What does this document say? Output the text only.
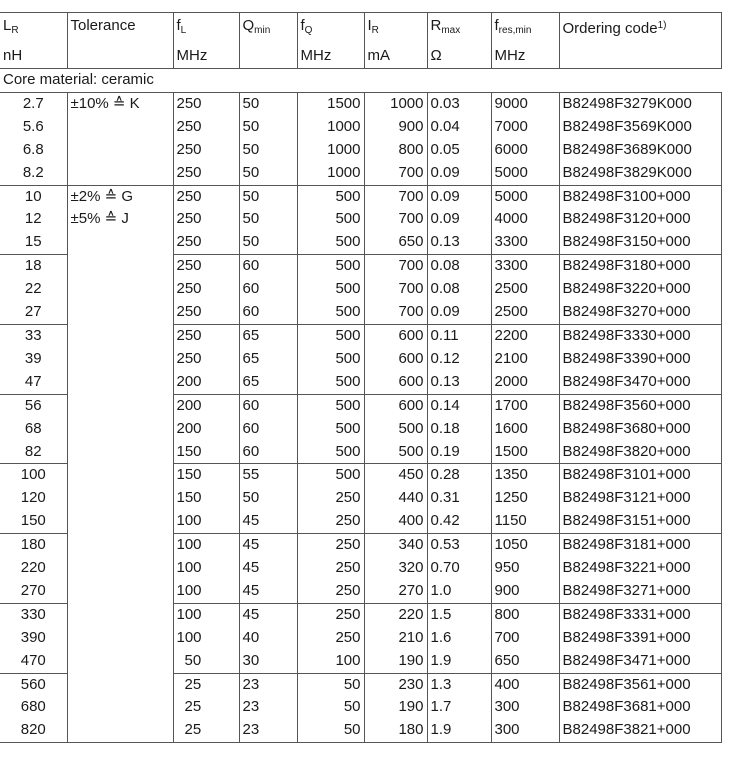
$L_R$	Tolerance	$f_L$	$Q_{min}$	$f_Q$	$I_R$	$R_{max}$	$f_{res,min}$	Ordering code$^{1)}$
nH		MHz		MHz	mA	Ω	MHz	
Core material: ceramic								
2.7	±10% ≙ K	250	50	1500	1000	0.03	9000	B82498F3279K000
5.6		250	50	1000	900	0.04	7000	B82498F3569K000
6.8		250	50	1000	800	0.05	6000	B82498F3689K000
8.2		250	50	1000	700	0.09	5000	B82498F3829K000
10	±2% ≙ G	250	50	500	700	0.09	5000	B82498F3100+000
12	±5% ≙ J	250	50	500	700	0.09	4000	B82498F3120+000
15		250	50	500	650	0.13	3300	B82498F3150+000
18		250	60	500	700	0.08	3300	B82498F3180+000
22		250	60	500	700	0.08	2500	B82498F3220+000
27		250	60	500	700	0.09	2500	B82498F3270+000
33		250	65	500	600	0.11	2200	B82498F3330+000
39		250	65	500	600	0.12	2100	B82498F3390+000
47		200	65	500	600	0.13	2000	B82498F3470+000
56		200	60	500	600	0.14	1700	B82498F3560+000
68		200	60	500	500	0.18	1600	B82498F3680+000
82		150	60	500	500	0.19	1500	B82498F3820+000
100		150	55	500	450	0.28	1350	B82498F3101+000
120		150	50	250	440	0.31	1250	B82498F3121+000
150		100	45	250	400	0.42	1150	B82498F3151+000
180		100	45	250	340	0.53	1050	B82498F3181+000
220		100	45	250	320	0.70	950	B82498F3221+000
270		100	45	250	270	1.0	900	B82498F3271+000
330		100	45	250	220	1.5	800	B82498F3331+000
390		100	40	250	210	1.6	700	B82498F3391+000
470		50	30	100	190	1.9	650	B82498F3471+000
560		25	23	50	230	1.3	400	B82498F3561+000
680		25	23	50	190	1.7	300	B82498F3681+000
820		25	23	50	180	1.9	300	B82498F3821+000
